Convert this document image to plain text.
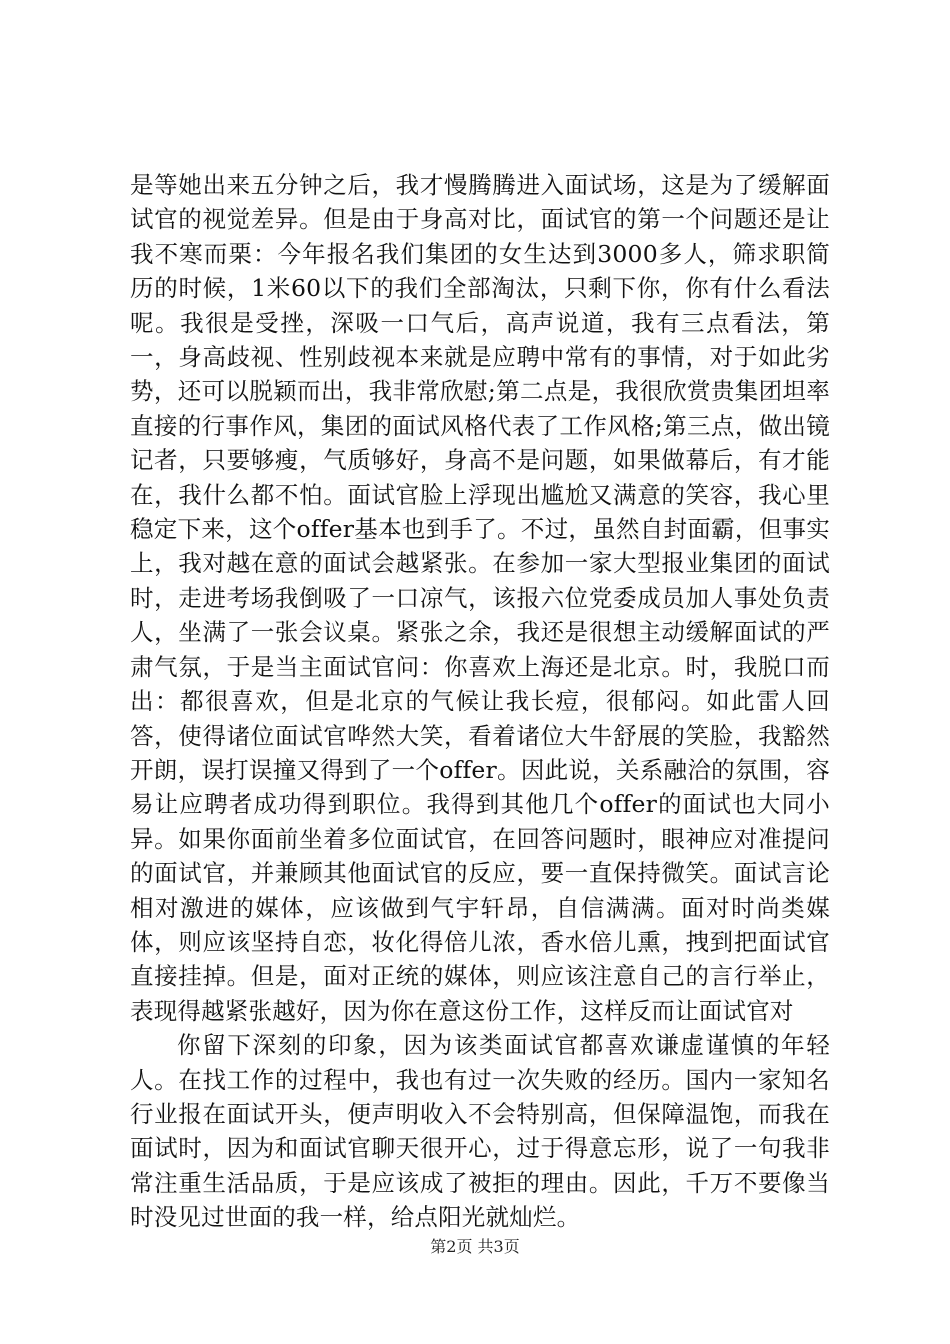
是等她出来五分钟之后，我才慢腾腾进入面试场，这是为了缓解面试官的视觉差异。但是由于身高对比，面试官的第一个问题还是让我不寒而栗：今年报名我们集团的女生达到3000多人，筛求职简历的时候，1米60以下的我们全部淘汰，只剩下你，你有什么看法呢。我很是受挫，深吸一口气后，高声说道，我有三点看法，第一，身高歧视、性别歧视本来就是应聘中常有的事情，对于如此劣势，还可以脱颖而出，我非常欣慰;第二点是，我很欣赏贵集团坦率直接的行事作风，集团的面试风格代表了工作风格;第三点，做出镜记者，只要够瘦，气质够好，身高不是问题，如果做幕后，有才能在，我什么都不怕。面试官脸上浮现出尴尬又满意的笑容，我心里稳定下来，这个offer基本也到手了。不过，虽然自封面霸，但事实上，我对越在意的面试会越紧张。在参加一家大型报业集团的面试时，走进考场我倒吸了一口凉气，该报六位党委成员加人事处负责人，坐满了一张会议桌。紧张之余，我还是很想主动缓解面试的严肃气氛，于是当主面试官问：你喜欢上海还是北京。时，我脱口而出：都很喜欢，但是北京的气候让我长痘，很郁闷。如此雷人回答，使得诸位面试官哗然大笑，看着诸位大牛舒展的笑脸，我豁然开朗，误打误撞又得到了一个offer。因此说，关系融洽的氛围，容易让应聘者成功得到职位。我得到其他几个offer的面试也大同小异。如果你面前坐着多位面试官，在回答问题时，眼神应对准提问的面试官，并兼顾其他面试官的反应，要一直保持微笑。面试言论相对激进的媒体，应该做到气宇轩昂，自信满满。面对时尚类媒体，则应该坚持自恋，妆化得倍儿浓，香水倍儿熏，拽到把面试官直接挂掉。但是，面对正统的媒体，则应该注意自己的言行举止，表现得越紧张越好，因为你在意这份工作，这样反而让面试官对

你留下深刻的印象，因为该类面试官都喜欢谦虚谨慎的年轻人。在找工作的过程中，我也有过一次失败的经历。国内一家知名行业报在面试开头，便声明收入不会特别高，但保障温饱，而我在面试时，因为和面试官聊天很开心，过于得意忘形，说了一句我非常注重生活品质，于是应该成了被拒的理由。因此，千万不要像当时没见过世面的我一样，给点阳光就灿烂。

第2页 共3页
